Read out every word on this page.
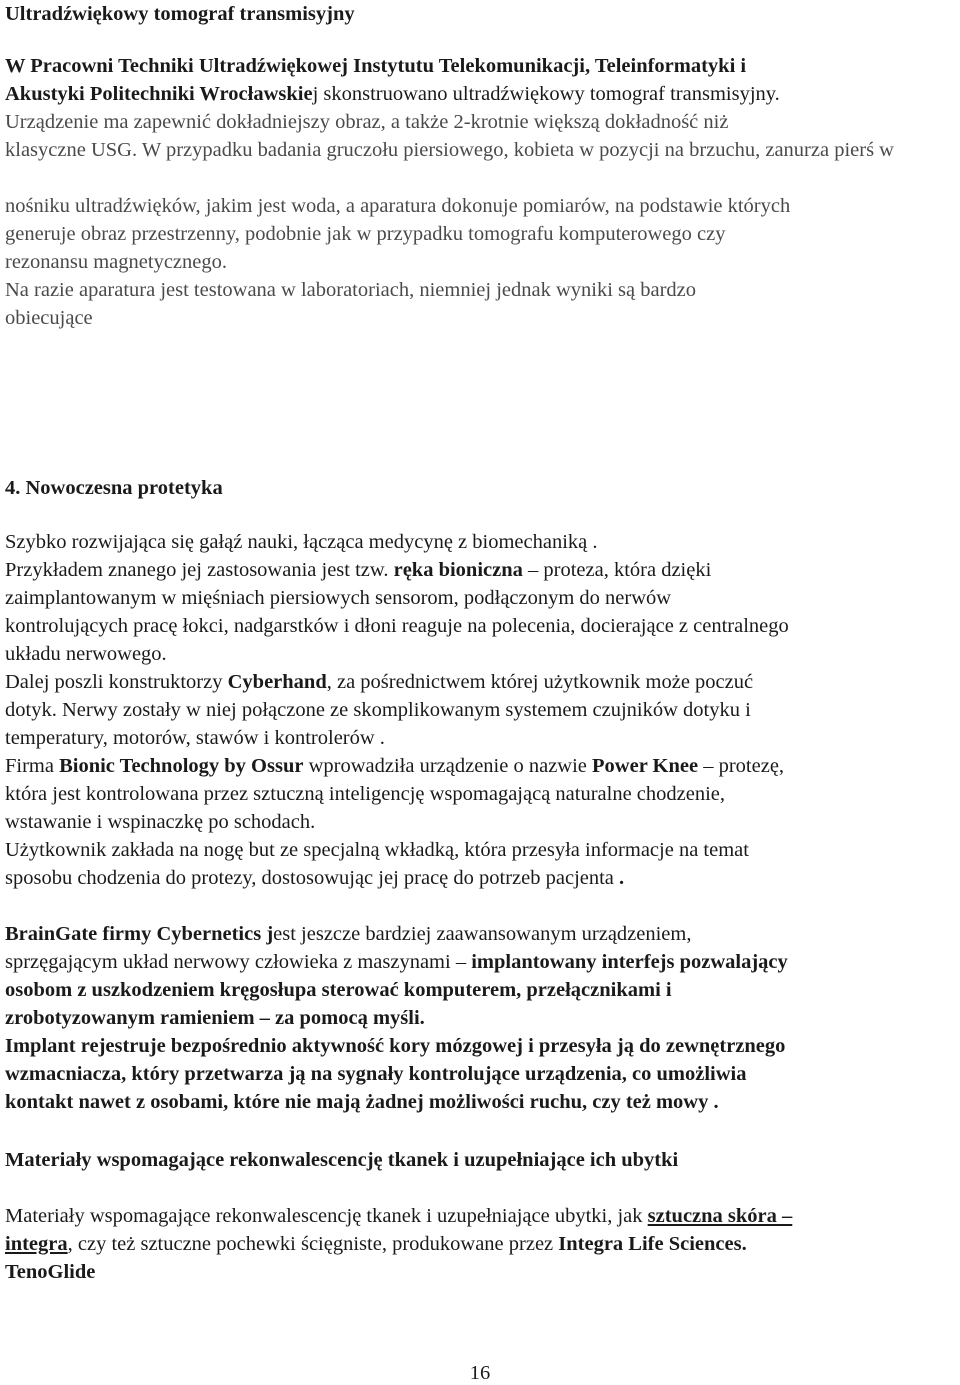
Ultradźwiękowy tomograf transmisyjny
W Pracowni Techniki Ultradźwiękowej Instytutu Telekomunikacji, Teleinformatyki i
Akustyki Politechniki Wrocławskiej skonstruowano ultradźwiękowy tomograf transmisyjny.
Urządzenie ma zapewnić dokładniejszy obraz, a także 2-krotnie większą dokładność niż
klasyczne USG. W przypadku badania gruczołu piersiowego, kobieta w pozycji na brzuchu, zanurza pierś w
nośniku ultradźwięków, jakim jest woda, a aparatura dokonuje pomiarów, na podstawie których
generuje obraz przestrzenny, podobnie jak w przypadku tomografu komputerowego czy
rezonansu magnetycznego.
Na razie aparatura jest testowana w laboratoriach, niemniej jednak wyniki są bardzo
obiecujące
4. Nowoczesna protetyka
Szybko rozwijająca się gałąź nauki, łącząca medycynę z biomechaniką .
Przykładem znanego jej zastosowania jest tzw. ręka bioniczna – proteza, która dzięki
zaimplantowanym w mięśniach piersiowych sensorom, podłączonym do nerwów
kontrolujących pracę łokci, nadgarstków i dłoni reaguje na polecenia, docierające z centralnego
układu nerwowego.
Dalej poszli konstruktorzy Cyberhand, za pośrednictwem której użytkownik może poczuć
dotyk. Nerwy zostały w niej połączone ze skomplikowanym systemem czujników dotyku i
temperatury, motorów, stawów i kontrolerów .
Firma Bionic Technology by Ossur wprowadziła urządzenie o nazwie Power Knee – protezę,
która jest kontrolowana przez sztuczną inteligencję wspomagającą naturalne chodzenie,
wstawanie i wspinaczkę po schodach.
Użytkownik zakłada na nogę but ze specjalną wkładką, która przesyła informacje na temat
sposobu chodzenia do protezy, dostosowując jej pracę do potrzeb pacjenta .
BrainGate firmy Cybernetics jest jeszcze bardziej zaawansowanym urządzeniem,
sprzęgającym układ nerwowy człowieka z maszynami – implantowany interfejs pozwalający
osobom z uszkodzeniem kręgosłupa sterować komputerem, przełącznikami i
zrobotyzowanym ramieniem – za pomocą myśli.
Implant rejestruje bezpośrednio aktywność kory mózgowej i przesyła ją do zewnętrznego
wzmacniacza, który przetwarza ją na sygnały kontrolujące urządzenia, co umożliwia
kontakt nawet z osobami, które nie mają żadnej możliwości ruchu, czy też mowy .
Materiały wspomagające rekonwalescencję tkanek i uzupełniające ich ubytki
Materiały wspomagające rekonwalescencję tkanek i uzupełniające ubytki, jak sztuczna skóra –
integra, czy też sztuczne pochewki ścięgniste, produkowane przez Integra Life Sciences.
TenoGlide
16
